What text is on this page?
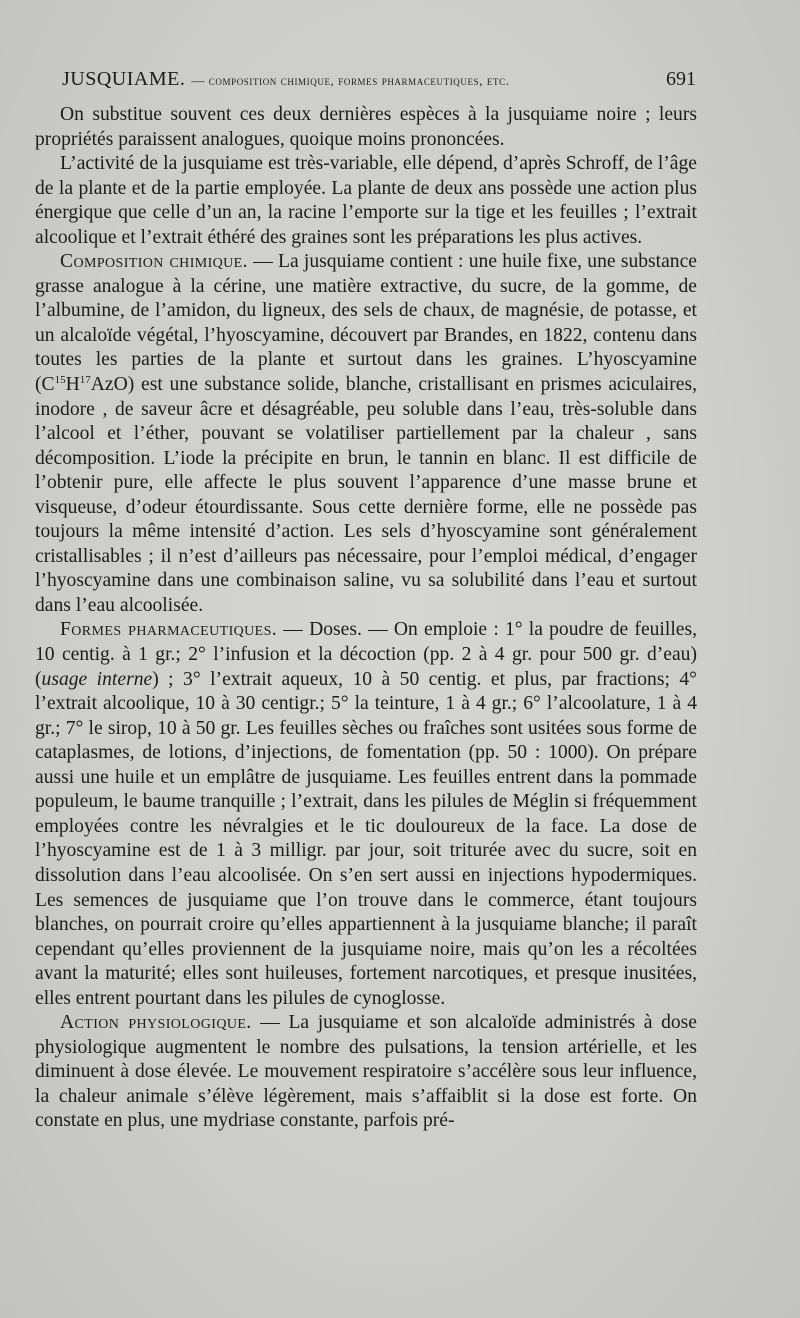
JUSQUIAME. — composition chimique, formes pharmaceutiques, etc.	691

On substitue souvent ces deux dernières espèces à la jusquiame noire ; leurs propriétés paraissent analogues, quoique moins prononcées.

L’activité de la jusquiame est très-variable, elle dépend, d’après Schroff, de l’âge de la plante et de la partie employée. La plante de deux ans possède une action plus énergique que celle d’un an, la racine l’emporte sur la tige et les feuilles ; l’extrait alcoolique et l’extrait éthéré des graines sont les préparations les plus actives.

Composition chimique. — La jusquiame contient : une huile fixe, une substance grasse analogue à la cérine, une matière extractive, du sucre, de la gomme, de l’albumine, de l’amidon, du ligneux, des sels de chaux, de magnésie, de potasse, et un alcaloïde végétal, l’hyoscyamine, découvert par Brandes, en 1822, contenu dans toutes les parties de la plante et surtout dans les graines. L’hyoscyamine $(C^{15}H^{17}AzO)$ est une substance solide, blanche, cristallisant en prismes aciculaires, inodore , de saveur âcre et désagréable, peu soluble dans l’eau, très-soluble dans l’alcool et l’éther, pouvant se volatiliser partiellement par la chaleur , sans décomposition. L’iode la précipite en brun, le tannin en blanc. Il est difficile de l’obtenir pure, elle affecte le plus souvent l’apparence d’une masse brune et visqueuse, d’odeur étourdissante. Sous cette dernière forme, elle ne possède pas toujours la même intensité d’action. Les sels d’hyoscyamine sont généralement cristallisables ; il n’est d’ailleurs pas nécessaire, pour l’emploi médical, d’engager l’hyoscyamine dans une combinaison saline, vu sa solubilité dans l’eau et surtout dans l’eau alcoolisée.

Formes pharmaceutiques. — Doses. — On emploie : 1° la poudre de feuilles, 10 centig. à 1 gr.; 2° l’infusion et la décoction (pp. 2 à 4 gr. pour 500 gr. d’eau) (usage interne) ; 3° l’extrait aqueux, 10 à 50 centig. et plus, par fractions; 4° l’extrait alcoolique, 10 à 30 centigr.; 5° la teinture, 1 à 4 gr.; 6° l’alcoolature, 1 à 4 gr.; 7° le sirop, 10 à 50 gr. Les feuilles sèches ou fraîches sont usitées sous forme de cataplasmes, de lotions, d’injections, de fomentation (pp. 50 : 1000). On prépare aussi une huile et un emplâtre de jusquiame. Les feuilles entrent dans la pommade populeum, le baume tranquille ; l’extrait, dans les pilules de Méglin si fréquemment employées contre les névralgies et le tic douloureux de la face. La dose de l’hyoscyamine est de 1 à 3 milligr. par jour, soit triturée avec du sucre, soit en dissolution dans l’eau alcoolisée. On s’en sert aussi en injections hypodermiques. Les semences de jusquiame que l’on trouve dans le commerce, étant toujours blanches, on pourrait croire qu’elles appartiennent à la jusquiame blanche; il paraît cependant qu’elles proviennent de la jusquiame noire, mais qu’on les a récoltées avant la maturité; elles sont huileuses, fortement narcotiques, et presque inusitées, elles entrent pourtant dans les pilules de cynoglosse.

Action physiologique. — La jusquiame et son alcaloïde administrés à dose physiologique augmentent le nombre des pulsations, la tension artérielle, et les diminuent à dose élevée. Le mouvement respiratoire s’accélère sous leur influence, la chaleur animale s’élève légèrement, mais s’affaiblit si la dose est forte. On constate en plus, une mydriase constante, parfois pré-
